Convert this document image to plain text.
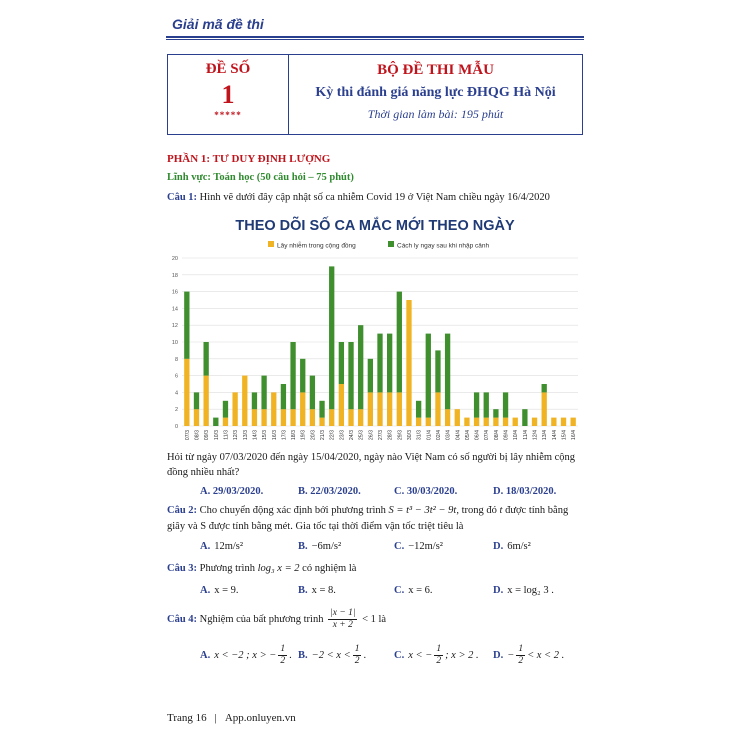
Giải mã đề thi
ĐỀ SỐ
1
*****
BỘ ĐỀ THI MẪU
Kỳ thi đánh giá năng lực ĐHQG Hà Nội
Thời gian làm bài: 195 phút
PHẦN 1: TƯ DUY ĐỊNH LƯỢNG
Lĩnh vực: Toán học (50 câu hỏi – 75 phút)
Câu 1: Hình vẽ dưới đây cập nhật số ca nhiễm Covid 19 ở Việt Nam chiều ngày 16/4/2020
THEO DÕI SỐ CA MẮC MỚI THEO NGÀY
Lây nhiễm trong cộng đồng	Cách ly ngay sau khi nhập cảnh
0
2
4
6
8
10
12
14
16
18
20
07/3 08/3 09/3 10/3 11/3 12/3 13/3 14/3 15/3 16/3 17/3 18/3 19/3 20/3 21/3 22/3 23/3 24/3 25/3 26/3 27/3 28/3 29/3 30/3 31/3 01/4 02/4 03/4 04/4 05/4 06/4 07/4 08/4 09/4 10/4 11/4 12/4 13/4 14/4 15/4 16/4
Hỏi từ ngày 07/03/2020 đến ngày 15/04/2020, ngày nào Việt Nam có số người bị lây nhiễm cộng
đồng nhiều nhất?
A. 29/03/2020.	B. 22/03/2020.	C. 30/03/2020.	D. 18/03/2020.
Câu 2: Cho chuyển động xác định bởi phương trình S = t³ − 3t² − 9t, trong đó t được tính bằng
giây và S được tính bằng mét. Gia tốc tại thời điểm vận tốc triệt tiêu là
A. 12m/s²	B. −6m/s²	C. −12m/s²	D. 6m/s²
Câu 3: Phương trình log₃ x = 2 có nghiệm là
A. x = 9.	B. x = 8.	C. x = 6.	D. x = log₂ 3 .
Câu 4: Nghiệm của bất phương trình $\frac{|x - 1|}{x + 2} < 1$ là
A. x < −2 ; x > − $\frac{1}{2}$ . B. $-2 < x < \frac{1}{2}$ .	C. x < − $\frac{1}{2}$ ; x > 2 . D. − $\frac{1}{2} < x < 2$ .
Trang 16 | App.onluyen.vn
